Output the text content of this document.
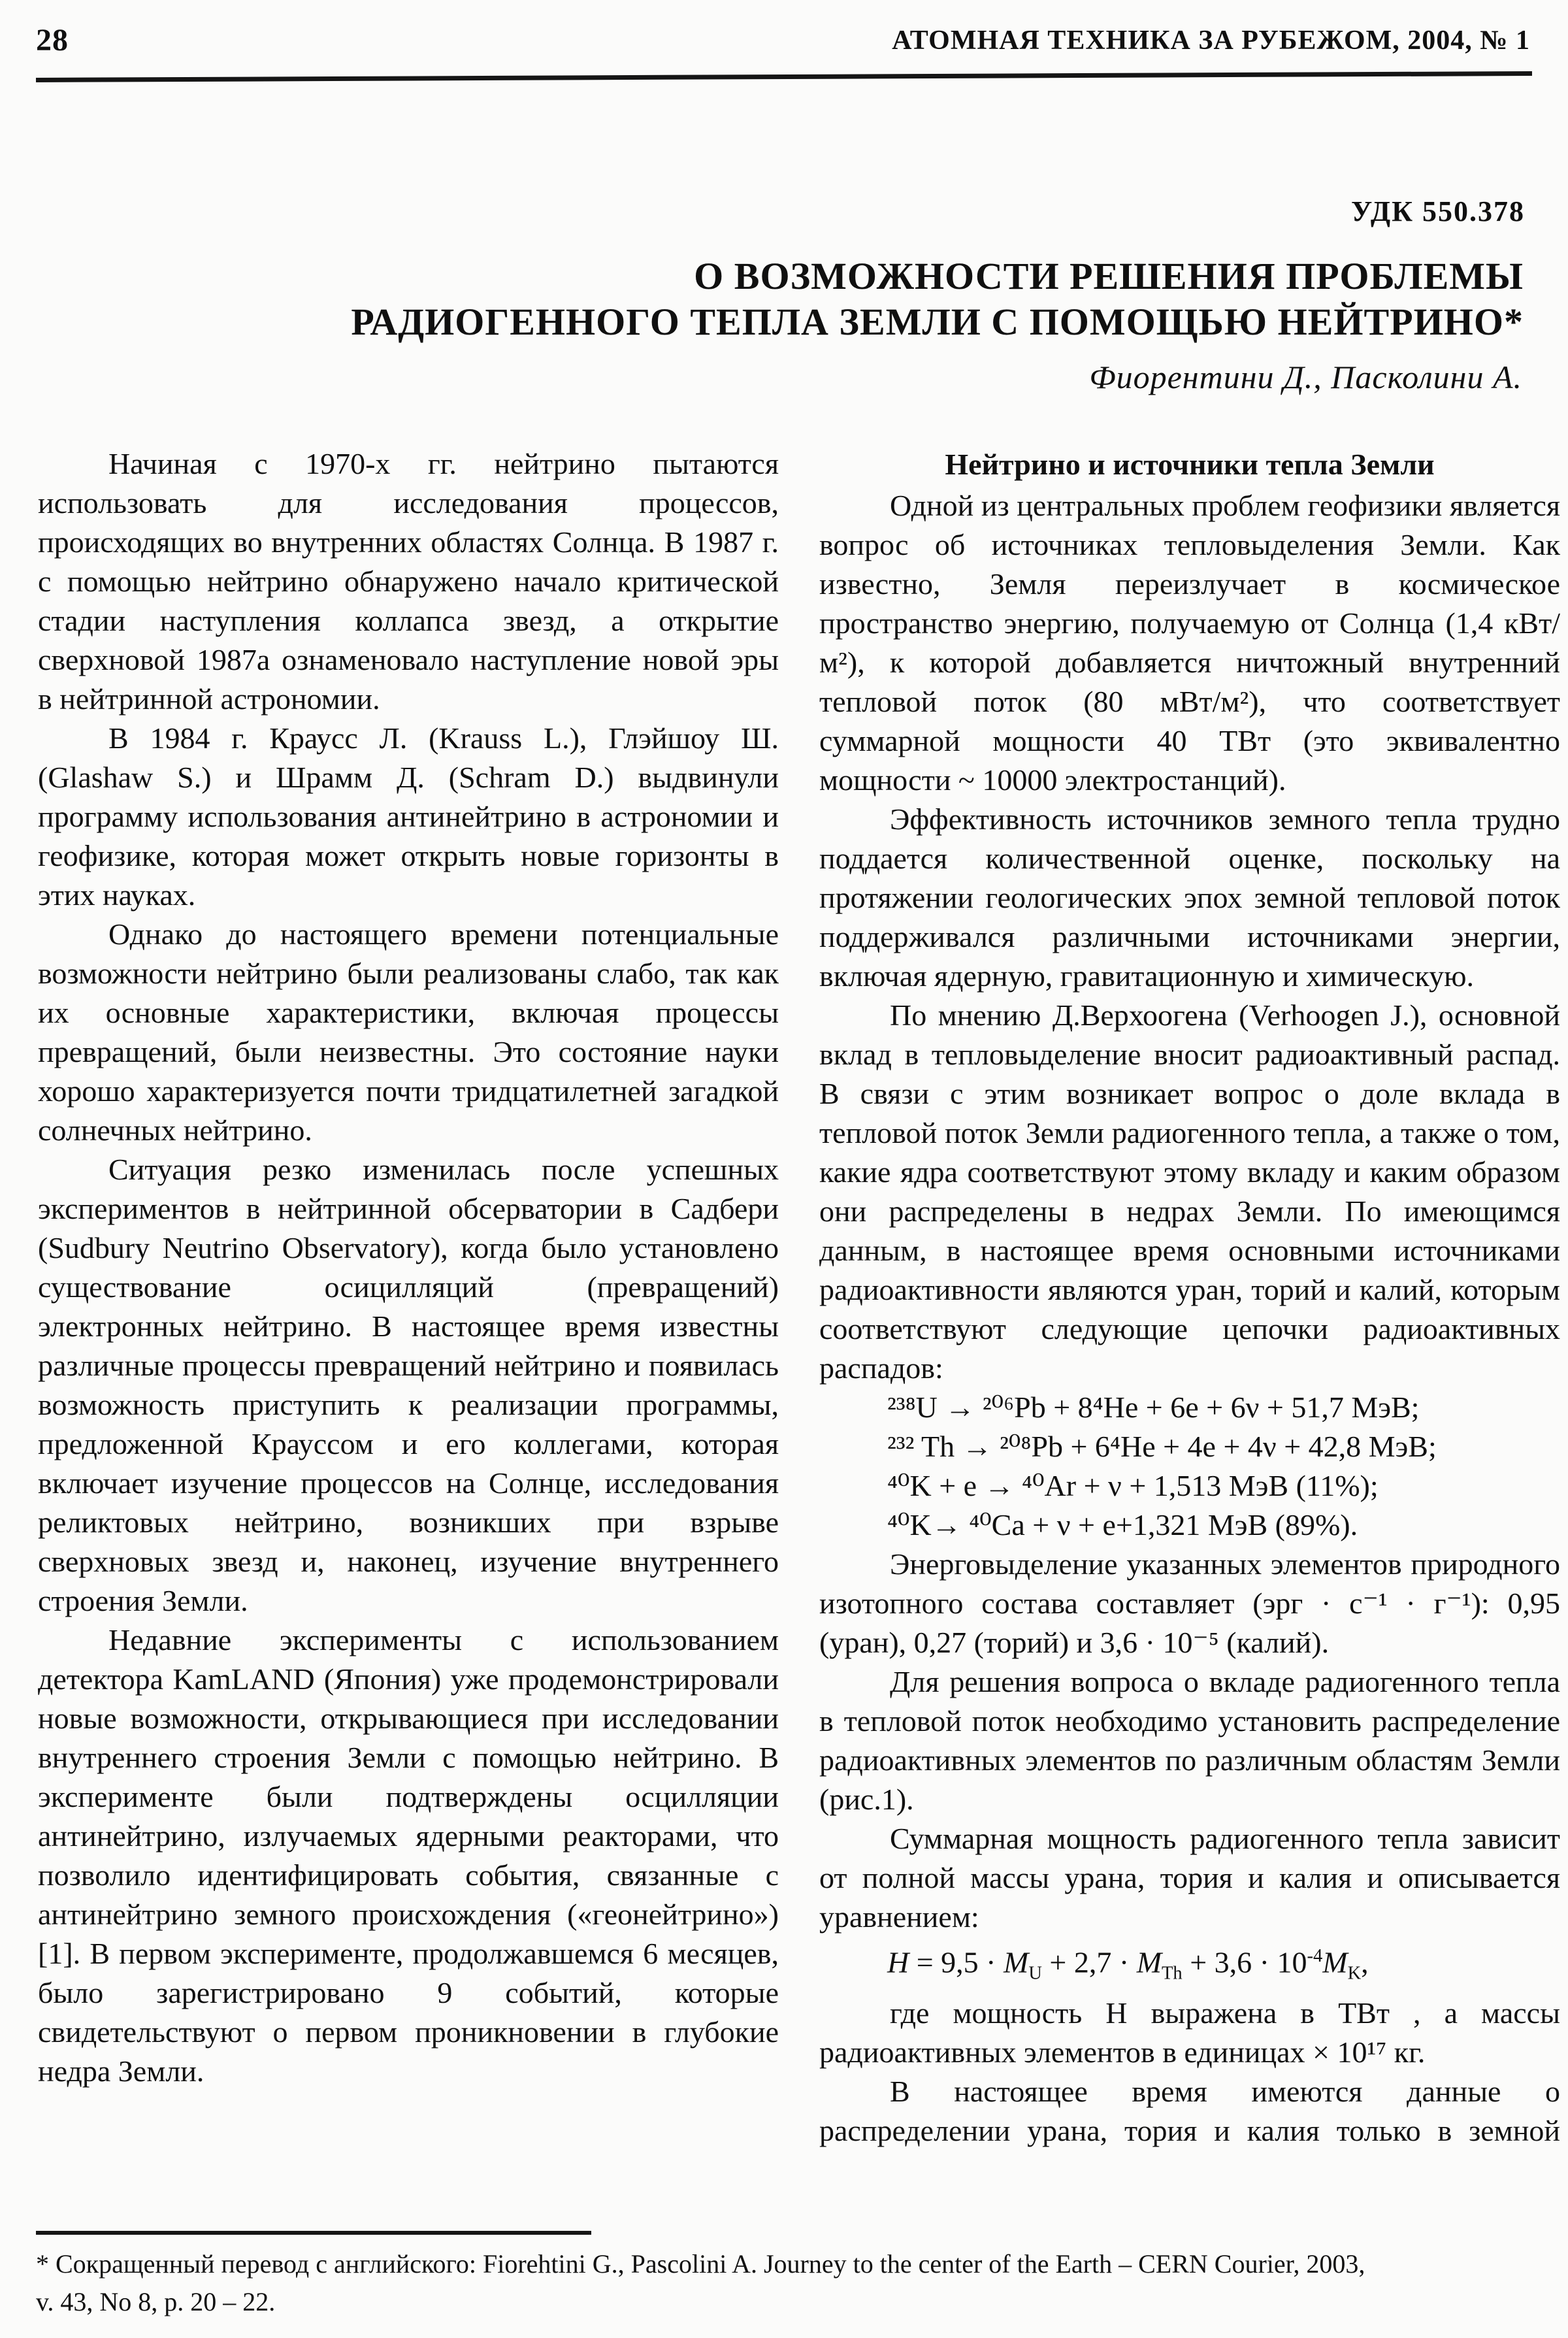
28	АТОМНАЯ ТЕХНИКА ЗА РУБЕЖОМ, 2004, № 1
УДК 550.378
О ВОЗМОЖНОСТИ РЕШЕНИЯ ПРОБЛЕМЫ
РАДИОГЕННОГО ТЕПЛА ЗЕМЛИ С ПОМОЩЬЮ НЕЙТРИНО*
Фиорентини Д., Пасколини А.

Начиная с 1970-х гг. нейтрино пытаются использовать для исследования процессов, происходящих во внутренних областях Солнца. В 1987 г. с помощью нейтрино обнаружено начало критической стадии наступления коллапса звезд, а открытие сверхновой 1987а ознаменовало наступление новой эры в нейтринной астрономии.

В 1984 г. Краусс Л. (Krauss L.), Глэйшоу Ш. (Glashaw S.) и Шрамм Д. (Schram D.) выдвинули программу использования антинейтрино в астрономии и геофизике, которая может открыть новые горизонты в этих науках.

Однако до настоящего времени потенциальные возможности нейтрино были реализованы слабо, так как их основные характеристики, включая процессы превращений, были неизвестны. Это состояние науки хорошо характеризуется почти тридцатилетней загадкой солнечных нейтрино.

Ситуация резко изменилась после успешных экспериментов в нейтринной обсерватории в Садбери (Sudbury Neutrino Observatory), когда было установлено существование осицилляций (превращений) электронных нейтрино. В настоящее время известны различные процессы превращений нейтрино и появилась возможность приступить к реализации программы, предложенной Крауссом и его коллегами, которая включает изучение процессов на Солнце, исследования реликтовых нейтрино, возникших при взрыве сверхновых звезд и, наконец, изучение внутреннего строения Земли.

Недавние эксперименты с использованием детектора KamLAND (Япония) уже продемонстрировали новые возможности, открывающиеся при исследовании внутреннего строения Земли с помощью нейтрино. В эксперименте были подтверждены осцилляции антинейтрино, излучаемых ядерными реакторами, что позволило идентифицировать события, связанные с антинейтрино земного происхождения («геонейтрино») [1]. В первом эксперименте, продолжавшемся 6 месяцев, было зарегистрировано 9 событий, которые свидетельствуют о первом проникновении в глубокие недра Земли.

Нейтрино и источники тепла Земли

Одной из центральных проблем геофизики является вопрос об источниках тепловыделения Земли. Как известно, Земля переизлучает в космическое пространство энергию, получаемую от Солнца (1,4 кВт/м²), к которой добавляется ничтожный внутренний тепловой поток (80 мВт/м²), что соответствует суммарной мощности 40 ТВт (это эквивалентно мощности ~ 10000 электростанций).

Эффективность источников земного тепла трудно поддается количественной оценке, поскольку на протяжении геологических эпох земной тепловой поток поддерживался различными источниками энергии, включая ядерную, гравитационную и химическую.

По мнению Д.Верхоогена (Verhoogen J.), основной вклад в тепловыделение вносит радиоактивный распад. В связи с этим возникает вопрос о доле вклада в тепловой поток Земли радиогенного тепла, а также о том, какие ядра соответствуют этому вкладу и каким образом они распределены в недрах Земли. По имеющимся данным, в настоящее время основными источниками радиоактивности являются уран, торий и калий, которым соответствуют следующие цепочки радиоактивных распадов:

²³⁸U → ²⁰⁶Pb + 8⁴He + 6e + 6ν + 51,7 МэВ;
²³² Th → ²⁰⁸Pb + 6⁴He + 4e + 4ν + 42,8 МэВ;
⁴⁰K + e → ⁴⁰Ar + ν + 1,513 МэВ (11%);
⁴⁰K→ ⁴⁰Ca + ν + e+1,321 МэВ (89%).

Энерговыделение указанных элементов природного изотопного состава составляет (эрг · с⁻¹ · г⁻¹): 0,95 (уран), 0,27 (торий) и 3,6 · 10⁻⁵ (калий).

Для решения вопроса о вкладе радиогенного тепла в тепловой поток необходимо установить распределение радиоактивных элементов по различным областям Земли (рис.1).

Суммарная мощность радиогенного тепла зависит от полной массы урана, тория и калия и описывается уравнением:

$H = 9,5 \cdot M_U + 2,7 \cdot M_{Th} + 3,6 \cdot 10^{-4}M_K$,

где мощность H выражена в ТВт , а массы радиоактивных элементов в единицах × 10¹⁷ кг.

В настоящее время имеются данные о распределении урана, тория и калия только в земной

* Сокращенный перевод с английского: Fiorehtini G., Pascolini A. Journey to the center of the Earth – CERN Courier, 2003,
v. 43, No 8, p. 20 – 22.
